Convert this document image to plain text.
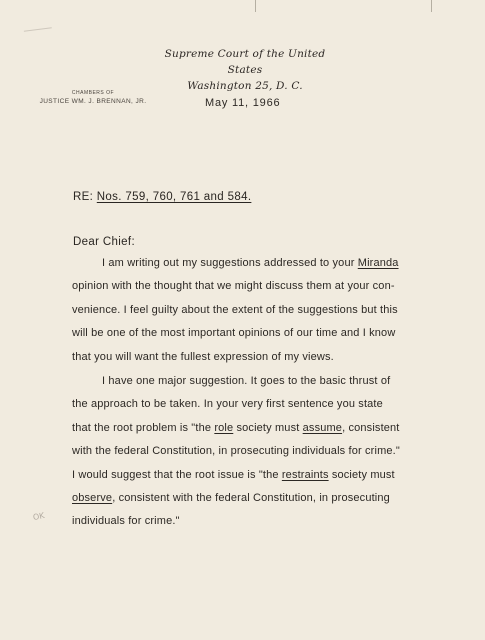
Supreme Court of the United States
Washington 25, D. C.
CHAMBERS OF
JUSTICE WM. J. BRENNAN, JR.	May 11, 1966
RE: Nos. 759, 760, 761 and 584.
Dear Chief:
I am writing out my suggestions addressed to your Miranda
opinion with the thought that we might discuss them at your con-
venience. I feel guilty about the extent of the suggestions but this
will be one of the most important opinions of our time and I know
that you will want the fullest expression of my views.
I have one major suggestion. It goes to the basic thrust of
the approach to be taken. In your very first sentence you state
that the root problem is "the role society must assume, consistent
with the federal Constitution, in prosecuting individuals for crime."
I would suggest that the root issue is "the restraints society must
observe, consistent with the federal Constitution, in prosecuting
individuals for crime."
OK
